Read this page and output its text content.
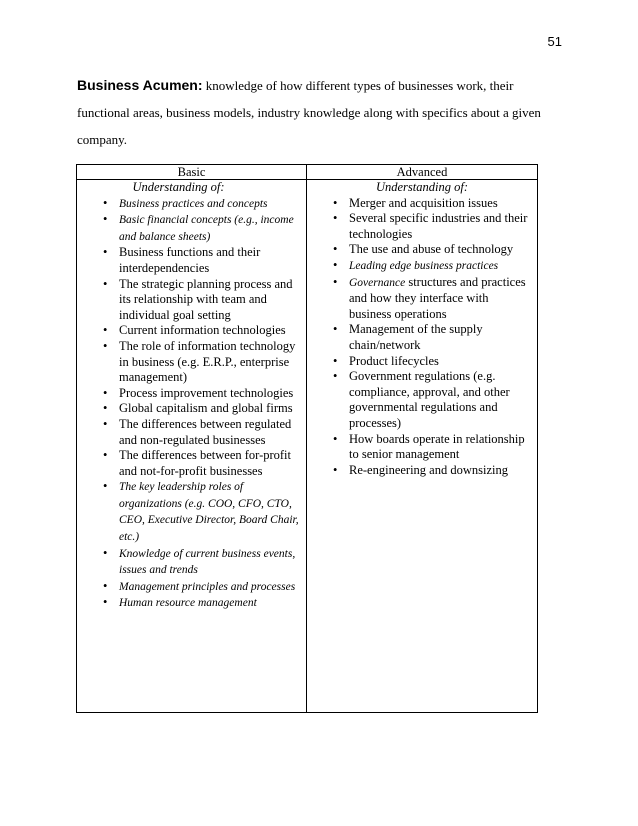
51

Business Acumen: knowledge of how different types of businesses work, their functional areas, business models, industry knowledge along with specifics about a given company.

Basic
Understanding of:
• Business practices and concepts
• Basic financial concepts (e.g., income and balance sheets)
• Business functions and their interdependencies
• The strategic planning process and its relationship with team and individual goal setting
• Current information technologies
• The role of information technology in business (e.g. E.R.P., enterprise management)
• Process improvement technologies
• Global capitalism and global firms
• The differences between regulated and non-regulated businesses
• The differences between for-profit and not-for-profit businesses
• The key leadership roles of organizations (e.g. COO, CFO, CTO, CEO, Executive Director, Board Chair, etc.)
• Knowledge of current business events, issues and trends
• Management principles and processes
• Human resource management
Advanced
Understanding of:
• Merger and acquisition issues
• Several specific industries and their technologies
• The use and abuse of technology
• Leading edge business practices
• Governance structures and practices and how they interface with business operations
• Management of the supply chain/network
• Product lifecycles
• Government regulations (e.g. compliance, approval, and other governmental regulations and processes)
• How boards operate in relationship to senior management
• Re-engineering and downsizing
